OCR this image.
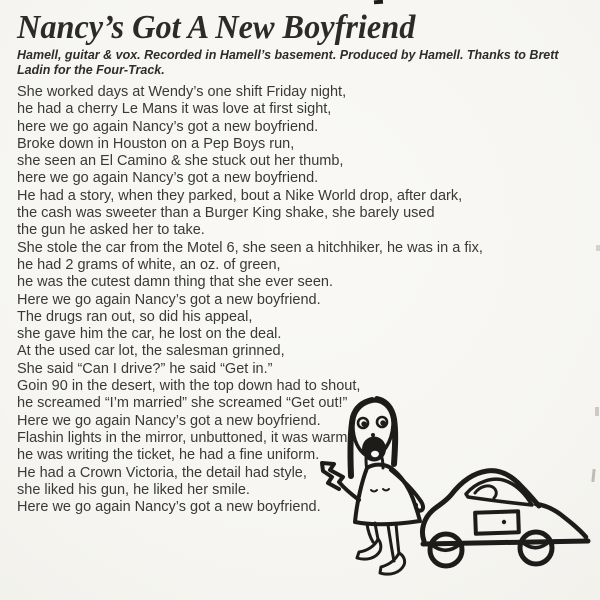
Nancy’s Got A New Boyfriend
Hamell, guitar & vox. Recorded in Hamell’s basement. Produced by Hamell. Thanks to Brett
Ladin for the Four-Track.
She worked days at Wendy’s one shift Friday night,
he had a cherry Le Mans it was love at first sight,
here we go again Nancy’s got a new boyfriend.
Broke down in Houston on a Pep Boys run,
she seen an El Camino & she stuck out her thumb,
here we go again Nancy’s got a new boyfriend.
He had a story, when they parked, bout a Nike World drop, after dark,
the cash was sweeter than a Burger King shake, she barely used
the gun he asked her to take.
She stole the car from the Motel 6, she seen a hitchhiker, he was in a fix,
he had 2 grams of white, an oz. of green,
he was the cutest damn thing that she ever seen.
Here we go again Nancy’s got a new boyfriend.
The drugs ran out, so did his appeal,
she gave him the car, he lost on the deal.
At the used car lot, the salesman grinned,
She said “Can I drive?” he said “Get in.”
Goin 90 in the desert, with the top down had to shout,
he screamed “I’m married” she screamed “Get out!”
Here we go again Nancy’s got a new boyfriend.
Flashin lights in the mirror, unbuttoned, it was warm,
he was writing the ticket, he had a fine uniform.
He had a Crown Victoria, the detail had style,
she liked his gun, he liked her smile.
Here we go again Nancy’s got a new boyfriend.
